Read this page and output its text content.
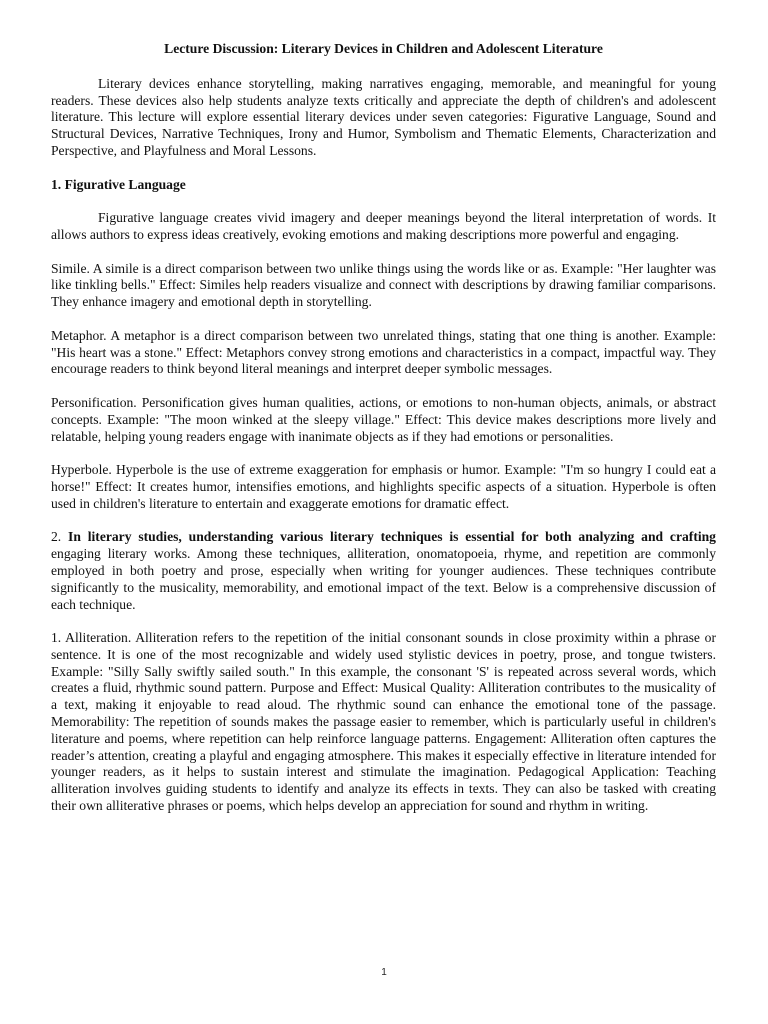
Lecture Discussion: Literary Devices in Children and Adolescent Literature

Literary devices enhance storytelling, making narratives engaging, memorable, and meaningful for young readers. These devices also help students analyze texts critically and appreciate the depth of children's and adolescent literature. This lecture will explore essential literary devices under seven categories: Figurative Language, Sound and Structural Devices, Narrative Techniques, Irony and Humor, Symbolism and Thematic Elements, Characterization and Perspective, and Playfulness and Moral Lessons.

1. Figurative Language

Figurative language creates vivid imagery and deeper meanings beyond the literal interpretation of words. It allows authors to express ideas creatively, evoking emotions and making descriptions more powerful and engaging.

Simile. A simile is a direct comparison between two unlike things using the words like or as. Example: "Her laughter was like tinkling bells." Effect: Similes help readers visualize and connect with descriptions by drawing familiar comparisons. They enhance imagery and emotional depth in storytelling.

Metaphor. A metaphor is a direct comparison between two unrelated things, stating that one thing is another. Example: "His heart was a stone." Effect: Metaphors convey strong emotions and characteristics in a compact, impactful way. They encourage readers to think beyond literal meanings and interpret deeper symbolic messages.

Personification. Personification gives human qualities, actions, or emotions to non-human objects, animals, or abstract concepts. Example: "The moon winked at the sleepy village." Effect: This device makes descriptions more lively and relatable, helping young readers engage with inanimate objects as if they had emotions or personalities.

Hyperbole. Hyperbole is the use of extreme exaggeration for emphasis or humor. Example: "I'm so hungry I could eat a horse!" Effect: It creates humor, intensifies emotions, and highlights specific aspects of a situation. Hyperbole is often used in children's literature to entertain and exaggerate emotions for dramatic effect.

2. In literary studies, understanding various literary techniques is essential for both analyzing and crafting engaging literary works. Among these techniques, alliteration, onomatopoeia, rhyme, and repetition are commonly employed in both poetry and prose, especially when writing for younger audiences. These techniques contribute significantly to the musicality, memorability, and emotional impact of the text. Below is a comprehensive discussion of each technique.

1. Alliteration. Alliteration refers to the repetition of the initial consonant sounds in close proximity within a phrase or sentence. It is one of the most recognizable and widely used stylistic devices in poetry, prose, and tongue twisters. Example: "Silly Sally swiftly sailed south." In this example, the consonant 'S' is repeated across several words, which creates a fluid, rhythmic sound pattern. Purpose and Effect: Musical Quality: Alliteration contributes to the musicality of a text, making it enjoyable to read aloud. The rhythmic sound can enhance the emotional tone of the passage. Memorability: The repetition of sounds makes the passage easier to remember, which is particularly useful in children's literature and poems, where repetition can help reinforce language patterns. Engagement: Alliteration often captures the reader’s attention, creating a playful and engaging atmosphere. This makes it especially effective in literature intended for younger readers, as it helps to sustain interest and stimulate the imagination. Pedagogical Application: Teaching alliteration involves guiding students to identify and analyze its effects in texts. They can also be tasked with creating their own alliterative phrases or poems, which helps develop an appreciation for sound and rhythm in writing.

1
